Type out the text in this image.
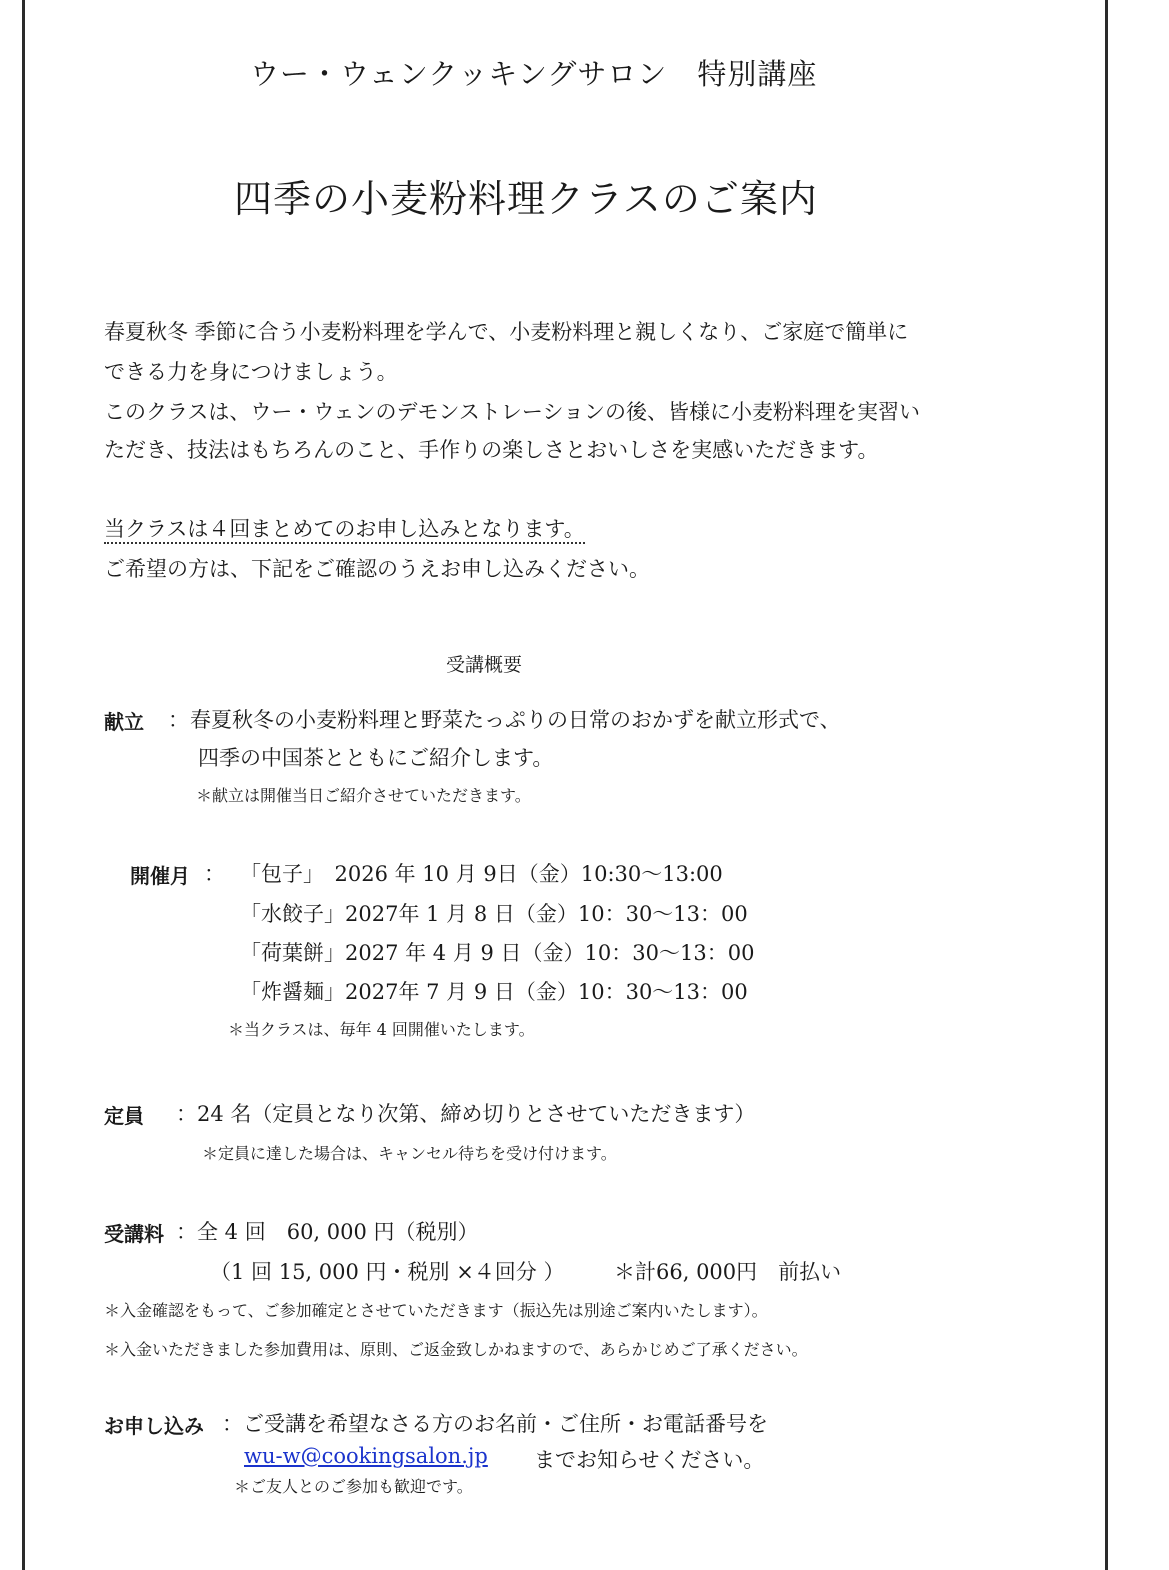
ウー・ウェンクッキングサロン　特別講座
四季の小麦粉料理クラスのご案内
春夏秋冬 季節に合う小麦粉料理を学んで、小麦粉料理と親しくなり、ご家庭で簡単に
できる力を身につけましょう。
このクラスは、ウー・ウェンのデモンストレーションの後、皆様に小麦粉料理を実習い
ただき、技法はもちろんのこと、手作りの楽しさとおいしさを実感いただきます。
当クラスは４回まとめてのお申し込みとなります。
ご希望の方は、下記をご確認のうえお申し込みください。
受講概要
献立 ： 春夏秋冬の小麦粉料理と野菜たっぷりの日常のおかずを献立形式で、
四季の中国茶とともにご紹介します。
＊献立は開催当日ご紹介させていただきます。
開催月 ： 「包子」　2026 年 10 月 9日（金）10:30〜13:00
「水餃子」2027年 1 月 8 日（金）10：30〜13：00
「荷葉餅」2027 年 4 月 9 日（金）10：30〜13：00
「炸醤麺」2027年 7 月 9 日（金）10：30〜13：00
＊当クラスは、毎年 4 回開催いたします。
定員 ：24 名（定員となり次第、締め切りとさせていただきます）
＊定員に達した場合は、キャンセル待ちを受け付けます。
受講料 ：全 4 回　60, 000 円（税別）
（1 回 15, 000 円・税別 ×４回分 ） ＊計66, 000円　前払い
＊入金確認をもって、ご参加確定とさせていただきます（振込先は別途ご案内いたします）。
＊入金いただきました参加費用は、原則、ご返金致しかねますので、あらかじめご了承ください。
お申し込み ：ご受講を希望なさる方のお名前・ご住所・お電話番号を
wu-w@cookingsalon.jp までお知らせください。
＊ご友人とのご参加も歓迎です。
